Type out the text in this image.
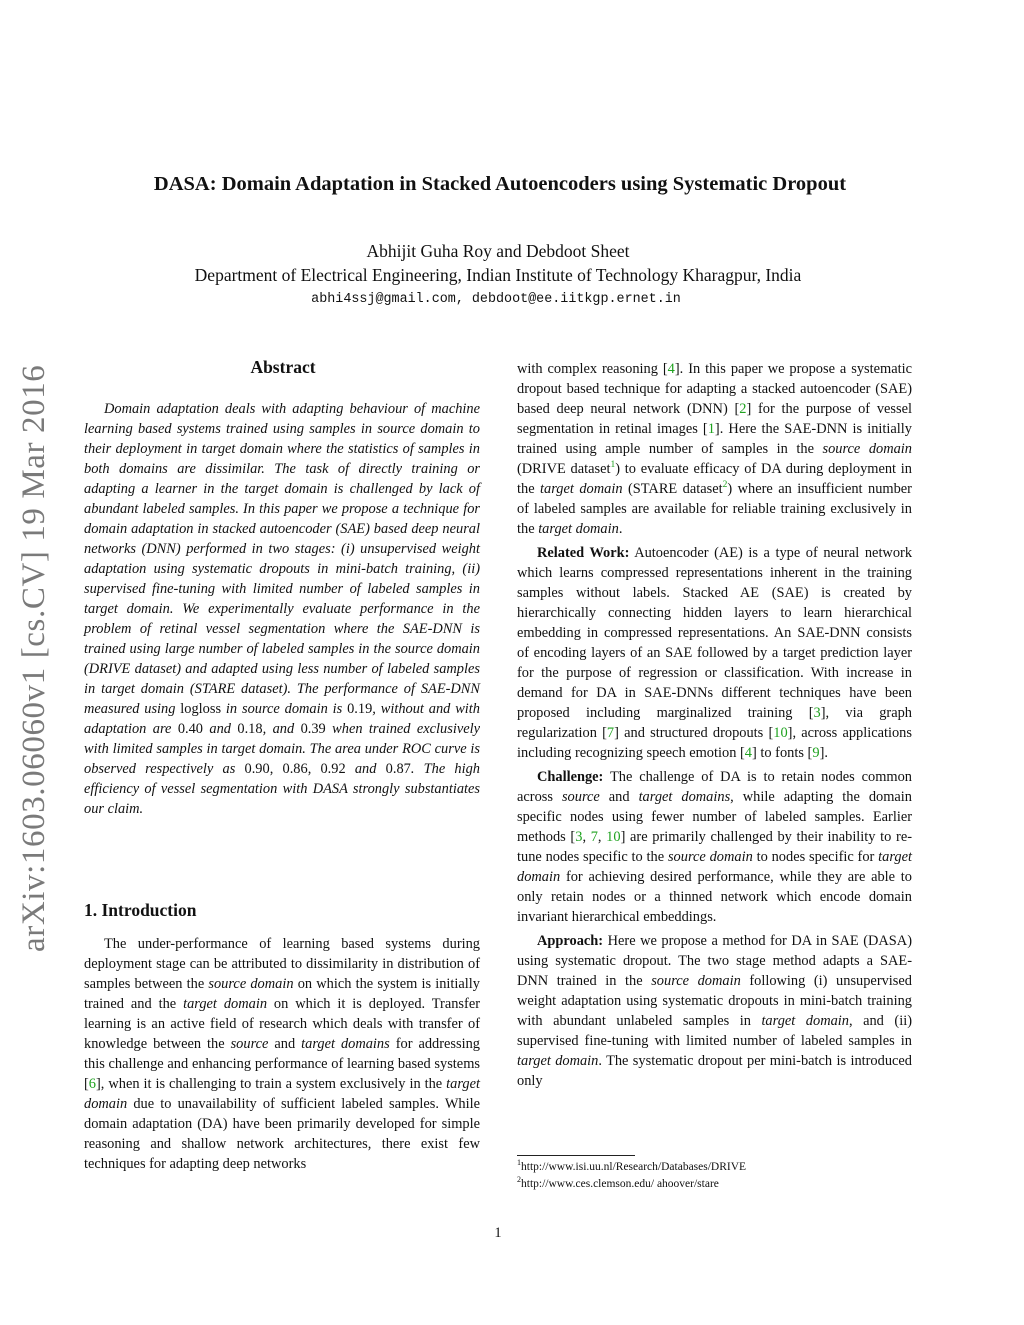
arXiv:1603.06060v1 [cs.CV] 19 Mar 2016
DASA: Domain Adaptation in Stacked Autoencoders using Systematic Dropout
Abhijit Guha Roy and Debdoot Sheet
Department of Electrical Engineering, Indian Institute of Technology Kharagpur, India
abhi4ssj@gmail.com, debdoot@ee.iitkgp.ernet.in
Abstract

Domain adaptation deals with adapting behaviour of machine learning based systems trained using samples in source domain to their deployment in target domain where the statistics of samples in both domains are dissimilar. The task of directly training or adapting a learner in the target domain is challenged by lack of abundant labeled samples. In this paper we propose a technique for domain adaptation in stacked autoencoder (SAE) based deep neural networks (DNN) performed in two stages: (i) unsupervised weight adaptation using systematic dropouts in mini-batch training, (ii) supervised fine-tuning with limited number of labeled samples in target domain. We experimentally evaluate performance in the problem of retinal vessel segmentation where the SAE-DNN is trained using large number of labeled samples in the source domain (DRIVE dataset) and adapted using less number of labeled samples in target domain (STARE dataset). The performance of SAE-DNN measured using logloss in source domain is 0.19, without and with adaptation are 0.40 and 0.18, and 0.39 when trained exclusively with limited samples in target domain. The area under ROC curve is observed respectively as 0.90, 0.86, 0.92 and 0.87. The high efficiency of vessel segmentation with DASA strongly substantiates our claim.

1. Introduction

The under-performance of learning based systems during deployment stage can be attributed to dissimilarity in distribution of samples between the source domain on which the system is initially trained and the target domain on which it is deployed. Transfer learning is an active field of research which deals with transfer of knowledge between the source and target domains for addressing this challenge and enhancing performance of learning based systems [6], when it is challenging to train a system exclusively in the target domain due to unavailability of sufficient labeled samples. While domain adaptation (DA) have been primarily developed for simple reasoning and shallow network architectures, there exist few techniques for adapting deep networks

with complex reasoning [4]. In this paper we propose a systematic dropout based technique for adapting a stacked autoencoder (SAE) based deep neural network (DNN) [2] for the purpose of vessel segmentation in retinal images [1]. Here the SAE-DNN is initially trained using ample number of samples in the source domain (DRIVE dataset$^1$) to evaluate efficacy of DA during deployment in the target domain (STARE dataset$^2$) where an insufficient number of labeled samples are available for reliable training exclusively in the target domain.

Related Work: Autoencoder (AE) is a type of neural network which learns compressed representations inherent in the training samples without labels. Stacked AE (SAE) is created by hierarchically connecting hidden layers to learn hierarchical embedding in compressed representations. An SAE-DNN consists of encoding layers of an SAE followed by a target prediction layer for the purpose of regression or classification. With increase in demand for DA in SAE-DNNs different techniques have been proposed including marginalized training [3], via graph regularization [7] and structured dropouts [10], across applications including recognizing speech emotion [4] to fonts [9].

Challenge: The challenge of DA is to retain nodes common across source and target domains, while adapting the domain specific nodes using fewer number of labeled samples. Earlier methods [3, 7, 10] are primarily challenged by their inability to re-tune nodes specific to the source domain to nodes specific for target domain for achieving desired performance, while they are able to only retain nodes or a thinned network which encode domain invariant hierarchical embeddings.

Approach: Here we propose a method for DA in SAE (DASA) using systematic dropout. The two stage method adapts a SAE-DNN trained in the source domain following (i) unsupervised weight adaptation using systematic dropouts in mini-batch training with abundant unlabeled samples in target domain, and (ii) supervised fine-tuning with limited number of labeled samples in target domain. The systematic dropout per mini-batch is introduced only

$^1$http://www.isi.uu.nl/Research/Databases/DRIVE
$^2$http://www.ces.clemson.edu/ ahoover/stare
1
